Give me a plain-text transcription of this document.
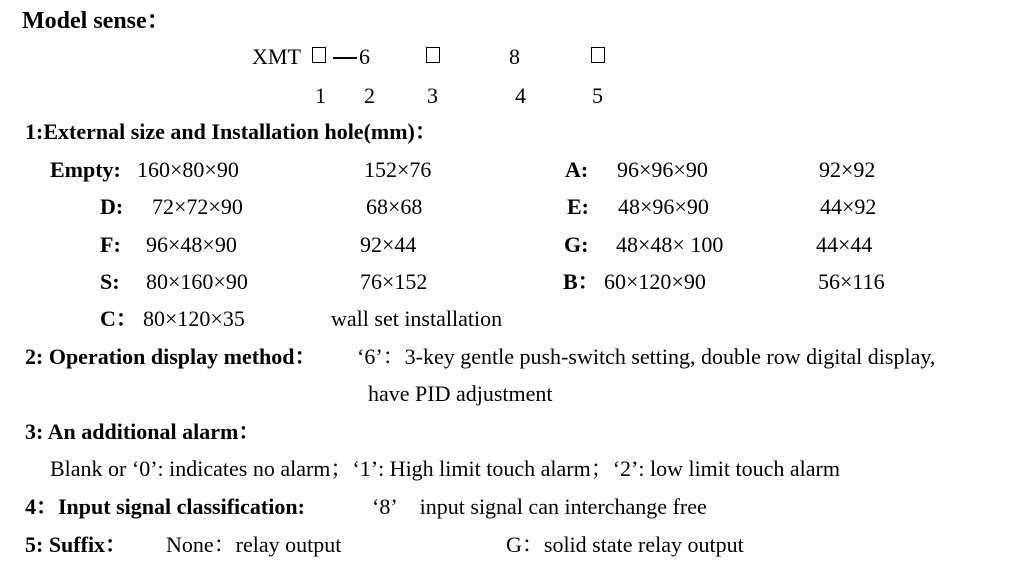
Model sense：
XMT	6	8
1 2 3	4	5
1:External size and Installation hole(mm)：
Empty: 160×80×90	152×76	A: 96×96×90	92×92
D: 72×72×90	68×68	E: 48×96×90	44×92
F: 96×48×90	92×44	G: 48×48× 100	44×44
S: 80×160×90	76×152	B： 60×120×90	56×116
C： 80×120×35	wall set installation
2: Operation display method： ‘6’：3-key gentle push-switch setting, double row digital display,
have PID adjustment
3: An additional alarm：
Blank or ‘0’: indicates no alarm；‘1’: High limit touch alarm；‘2’: low limit touch alarm
4：Input signal classification:	‘8’ input signal can interchange free
5: Suffix： None：relay output	G：solid state relay output
